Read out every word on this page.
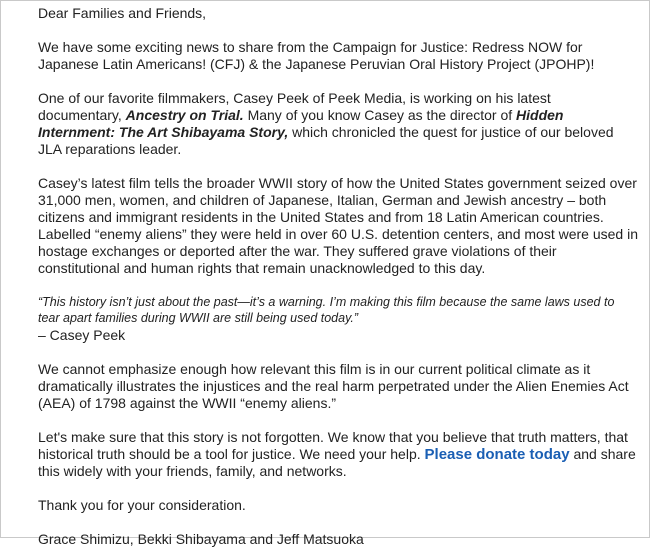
Dear Families and Friends,

We have some exciting news to share from the Campaign for Justice: Redress NOW for Japanese Latin Americans! (CFJ) & the Japanese Peruvian Oral History Project (JPOHP)!

One of our favorite filmmakers, Casey Peek of Peek Media, is working on his latest documentary, Ancestry on Trial. Many of you know Casey as the director of Hidden Internment: The Art Shibayama Story, which chronicled the quest for justice of our beloved JLA reparations leader.

Casey’s latest film tells the broader WWII story of how the United States government seized over 31,000 men, women, and children of Japanese, Italian, German and Jewish ancestry – both citizens and immigrant residents in the United States and from 18 Latin American countries. Labelled “enemy aliens” they were held in over 60 U.S. detention centers, and most were used in hostage exchanges or deported after the war. They suffered grave violations of their constitutional and human rights that remain unacknowledged to this day.

“This history isn’t just about the past—it’s a warning. I’m making this film because the same laws used to tear apart families during WWII are still being used today.”
– Casey Peek

We cannot emphasize enough how relevant this film is in our current political climate as it dramatically illustrates the injustices and the real harm perpetrated under the Alien Enemies Act (AEA) of 1798 against the WWII “enemy aliens.”

Let's make sure that this story is not forgotten. We know that you believe that truth matters, that historical truth should be a tool for justice. We need your help. Please donate today and share this widely with your friends, family, and networks.

Thank you for your consideration.

Grace Shimizu, Bekki Shibayama and Jeff Matsuoka
